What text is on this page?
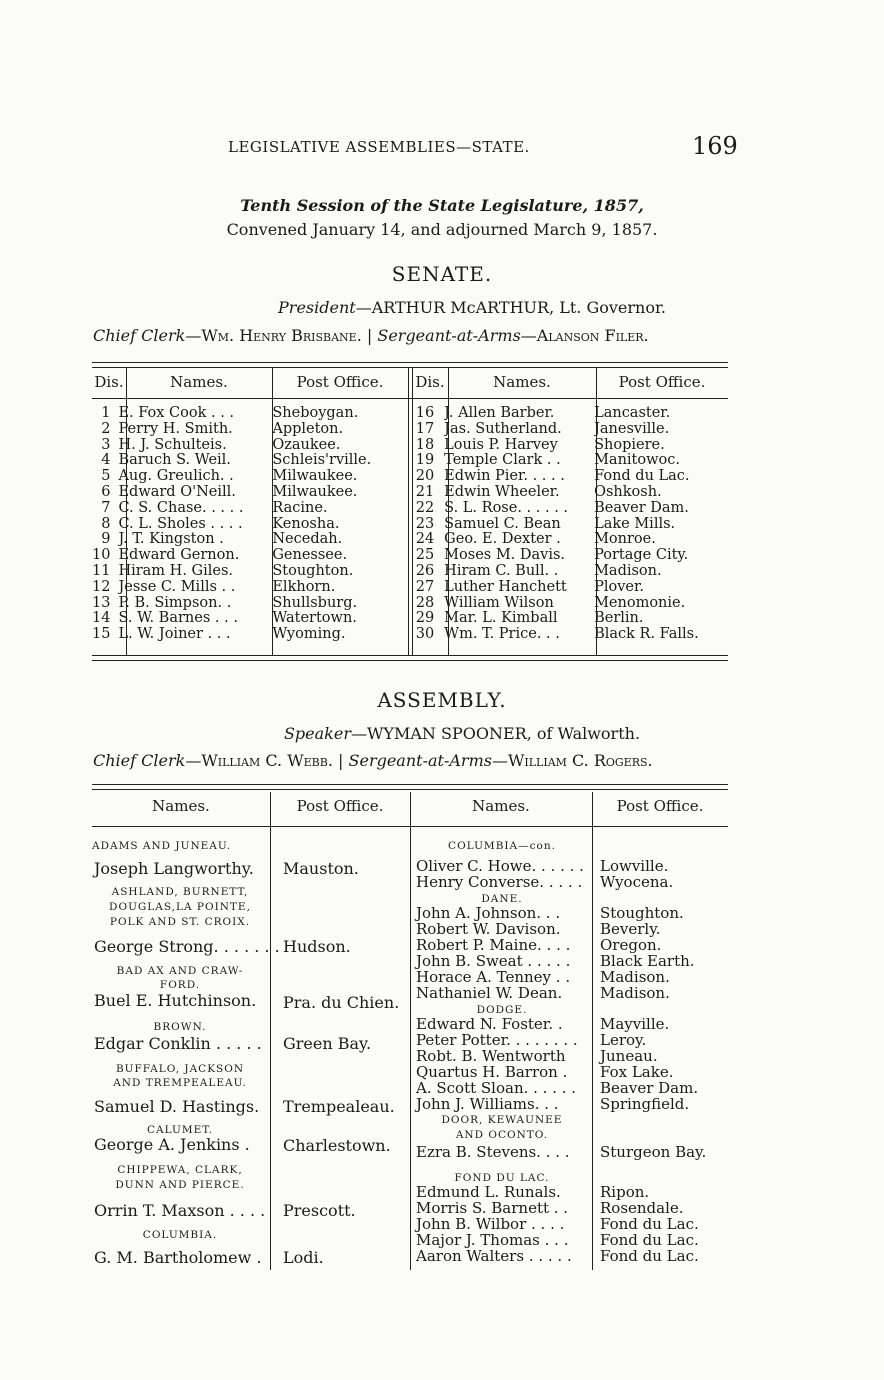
LEGISLATIVE ASSEMBLIES—STATE.	169
Tenth Session of the State Legislature, 1857,
Convened January 14, and adjourned March 9, 1857.
SENATE.
President—ARTHUR McARTHUR, Lt. Governor.
Chief Clerk—Wm. Henry Brisbane. | Sergeant-at-Arms—Alanson Filer.
Dis.	Names.	Post Office.	Dis.	Names.	Post Office.
1	E. Fox Cook . . .	Sheboygan.	16	J. Allen Barber.	Lancaster.
2	Perry H. Smith.	Appleton.	17	Jas. Sutherland.	Janesville.
3	H. J. Schulteis.	Ozaukee.	18	Louis P. Harvey	Shopiere.
4	Baruch S. Weil.	Schleis'rville.	19	Temple Clark . .	Manitowoc.
5	Aug. Greulich. .	Milwaukee.	20	Edwin Pier. . . . .	Fond du Lac.
6	Edward O'Neill.	Milwaukee.	21	Edwin Wheeler.	Oshkosh.
7	C. S. Chase. . . . .	Racine.	22	S. L. Rose. . . . . .	Beaver Dam.
8	C. L. Sholes . . . .	Kenosha.	23	Samuel C. Bean	Lake Mills.
9	J. T. Kingston .	Necedah.	24	Geo. E. Dexter .	Monroe.
10	Edward Gernon.	Genessee.	25	Moses M. Davis.	Portage City.
11	Hiram H. Giles.	Stoughton.	26	Hiram C. Bull. .	Madison.
12	Jesse C. Mills . .	Elkhorn.	27	Luther Hanchett	Plover.
13	P. B. Simpson. .	Shullsburg.	28	William Wilson	Menomonie.
14	S. W. Barnes . . .	Watertown.	29	Mar. L. Kimball	Berlin.
15	L. W. Joiner . . .	Wyoming.	30	Wm. T. Price. . .	Black R. Falls.
ASSEMBLY.
Speaker—WYMAN SPOONER, of Walworth.
Chief Clerk—William C. Webb. | Sergeant-at-Arms—William C. Rogers.
Names.	Post Office.	Names.	Post Office.
ADAMS AND JUNEAU.
Joseph Langworthy. Mauston.
ASHLAND, BURNETT,
DOUGLAS,LA POINTE,
POLK AND ST. CROIX.
George Strong. . . . . . . Hudson.
BAD AX AND CRAW-
FORD.
Buel E. Hutchinson. Pra. du Chien.
BROWN.
Edgar Conklin . . . . . Green Bay.
BUFFALO, JACKSON
AND TREMPEALEAU.
Samuel D. Hastings. Trempealeau.
CALUMET.
George A. Jenkins . Charlestown.
CHIPPEWA, CLARK,
DUNN AND PIERCE.
Orrin T. Maxson . . . . Prescott.
COLUMBIA.
G. M. Bartholomew . Lodi.
COLUMBIA—con.
Oliver C. Howe. . . . . . Lowville.
Henry Converse. . . . . Wyocena.
DANE.
John A. Johnson. . .	Stoughton.
Robert W. Davison.	Beverly.
Robert P. Maine. . . . Oregon.
John B. Sweat . . . . . Black Earth.
Horace A. Tenney . . Madison.
Nathaniel W. Dean.	Madison.
DODGE.
Edward N. Foster. . Mayville.
Peter Potter. . . . . . . . Leroy.
Robt. B. Wentworth Juneau.
Quartus H. Barron . Fox Lake.
A. Scott Sloan. . . . . . Beaver Dam.
John J. Williams. . .	Springfield.
DOOR, KEWAUNEE
AND OCONTO.
Ezra B. Stevens. . . . Sturgeon Bay.
FOND DU LAC.
Edmund L. Runals.	Ripon.
Morris S. Barnett . . Rosendale.
John B. Wilbor . . . . Fond du Lac.
Major J. Thomas . . . Fond du Lac.
Aaron Walters . . . . . Fond du Lac.
